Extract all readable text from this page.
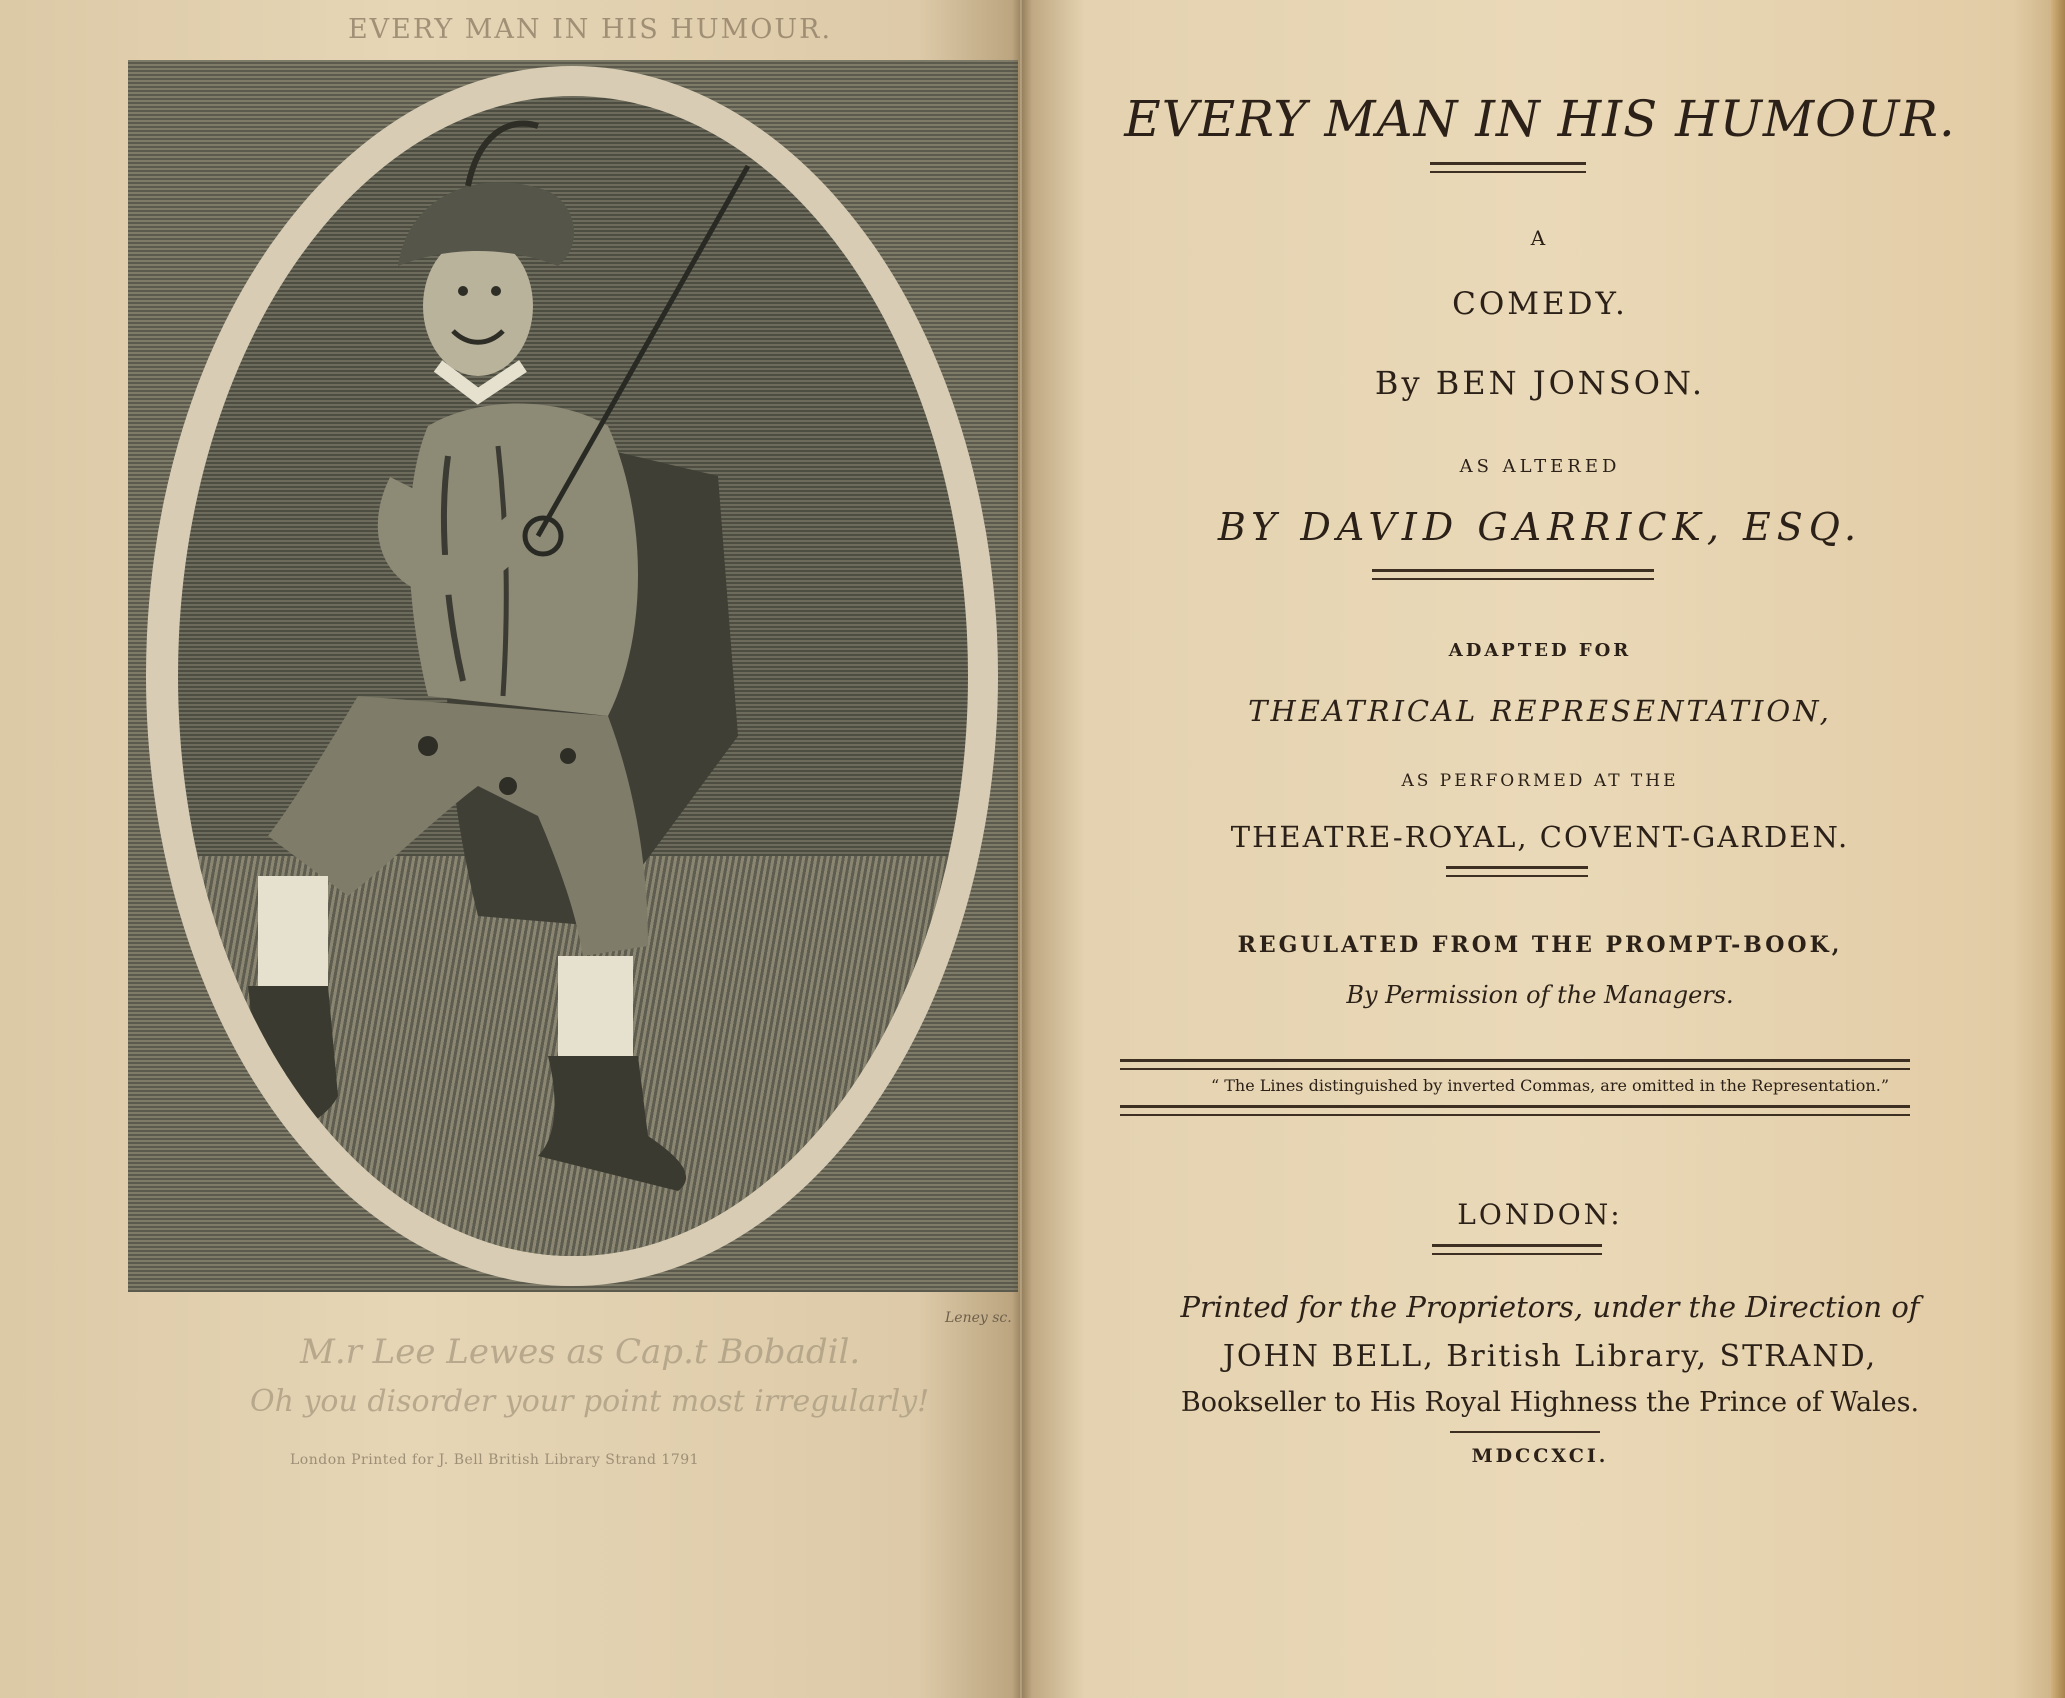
EVERY MAN IN HIS HUMOUR.
Leney sc.
M.r Lee Lewes as Cap.t Bobadil.
Oh you disorder your point most irregularly!
London Printed for J. Bell British Library Strand 1791
EVERY MAN IN HIS HUMOUR.
A
COMEDY.
By BEN JONSON.
AS ALTERED
BY DAVID GARRICK, ESQ.
ADAPTED FOR
THEATRICAL REPRESENTATION,
AS PERFORMED AT THE
THEATRE-ROYAL, COVENT-GARDEN.
REGULATED FROM THE PROMPT-BOOK,
By Permission of the Managers.
“ The Lines distinguished by inverted Commas, are omitted in the Representation.”
LONDON:
Printed for the Proprietors, under the Direction of
JOHN BELL, British Library, STRAND,
Bookseller to His Royal Highness the Prince of Wales.
MDCCXCI.
